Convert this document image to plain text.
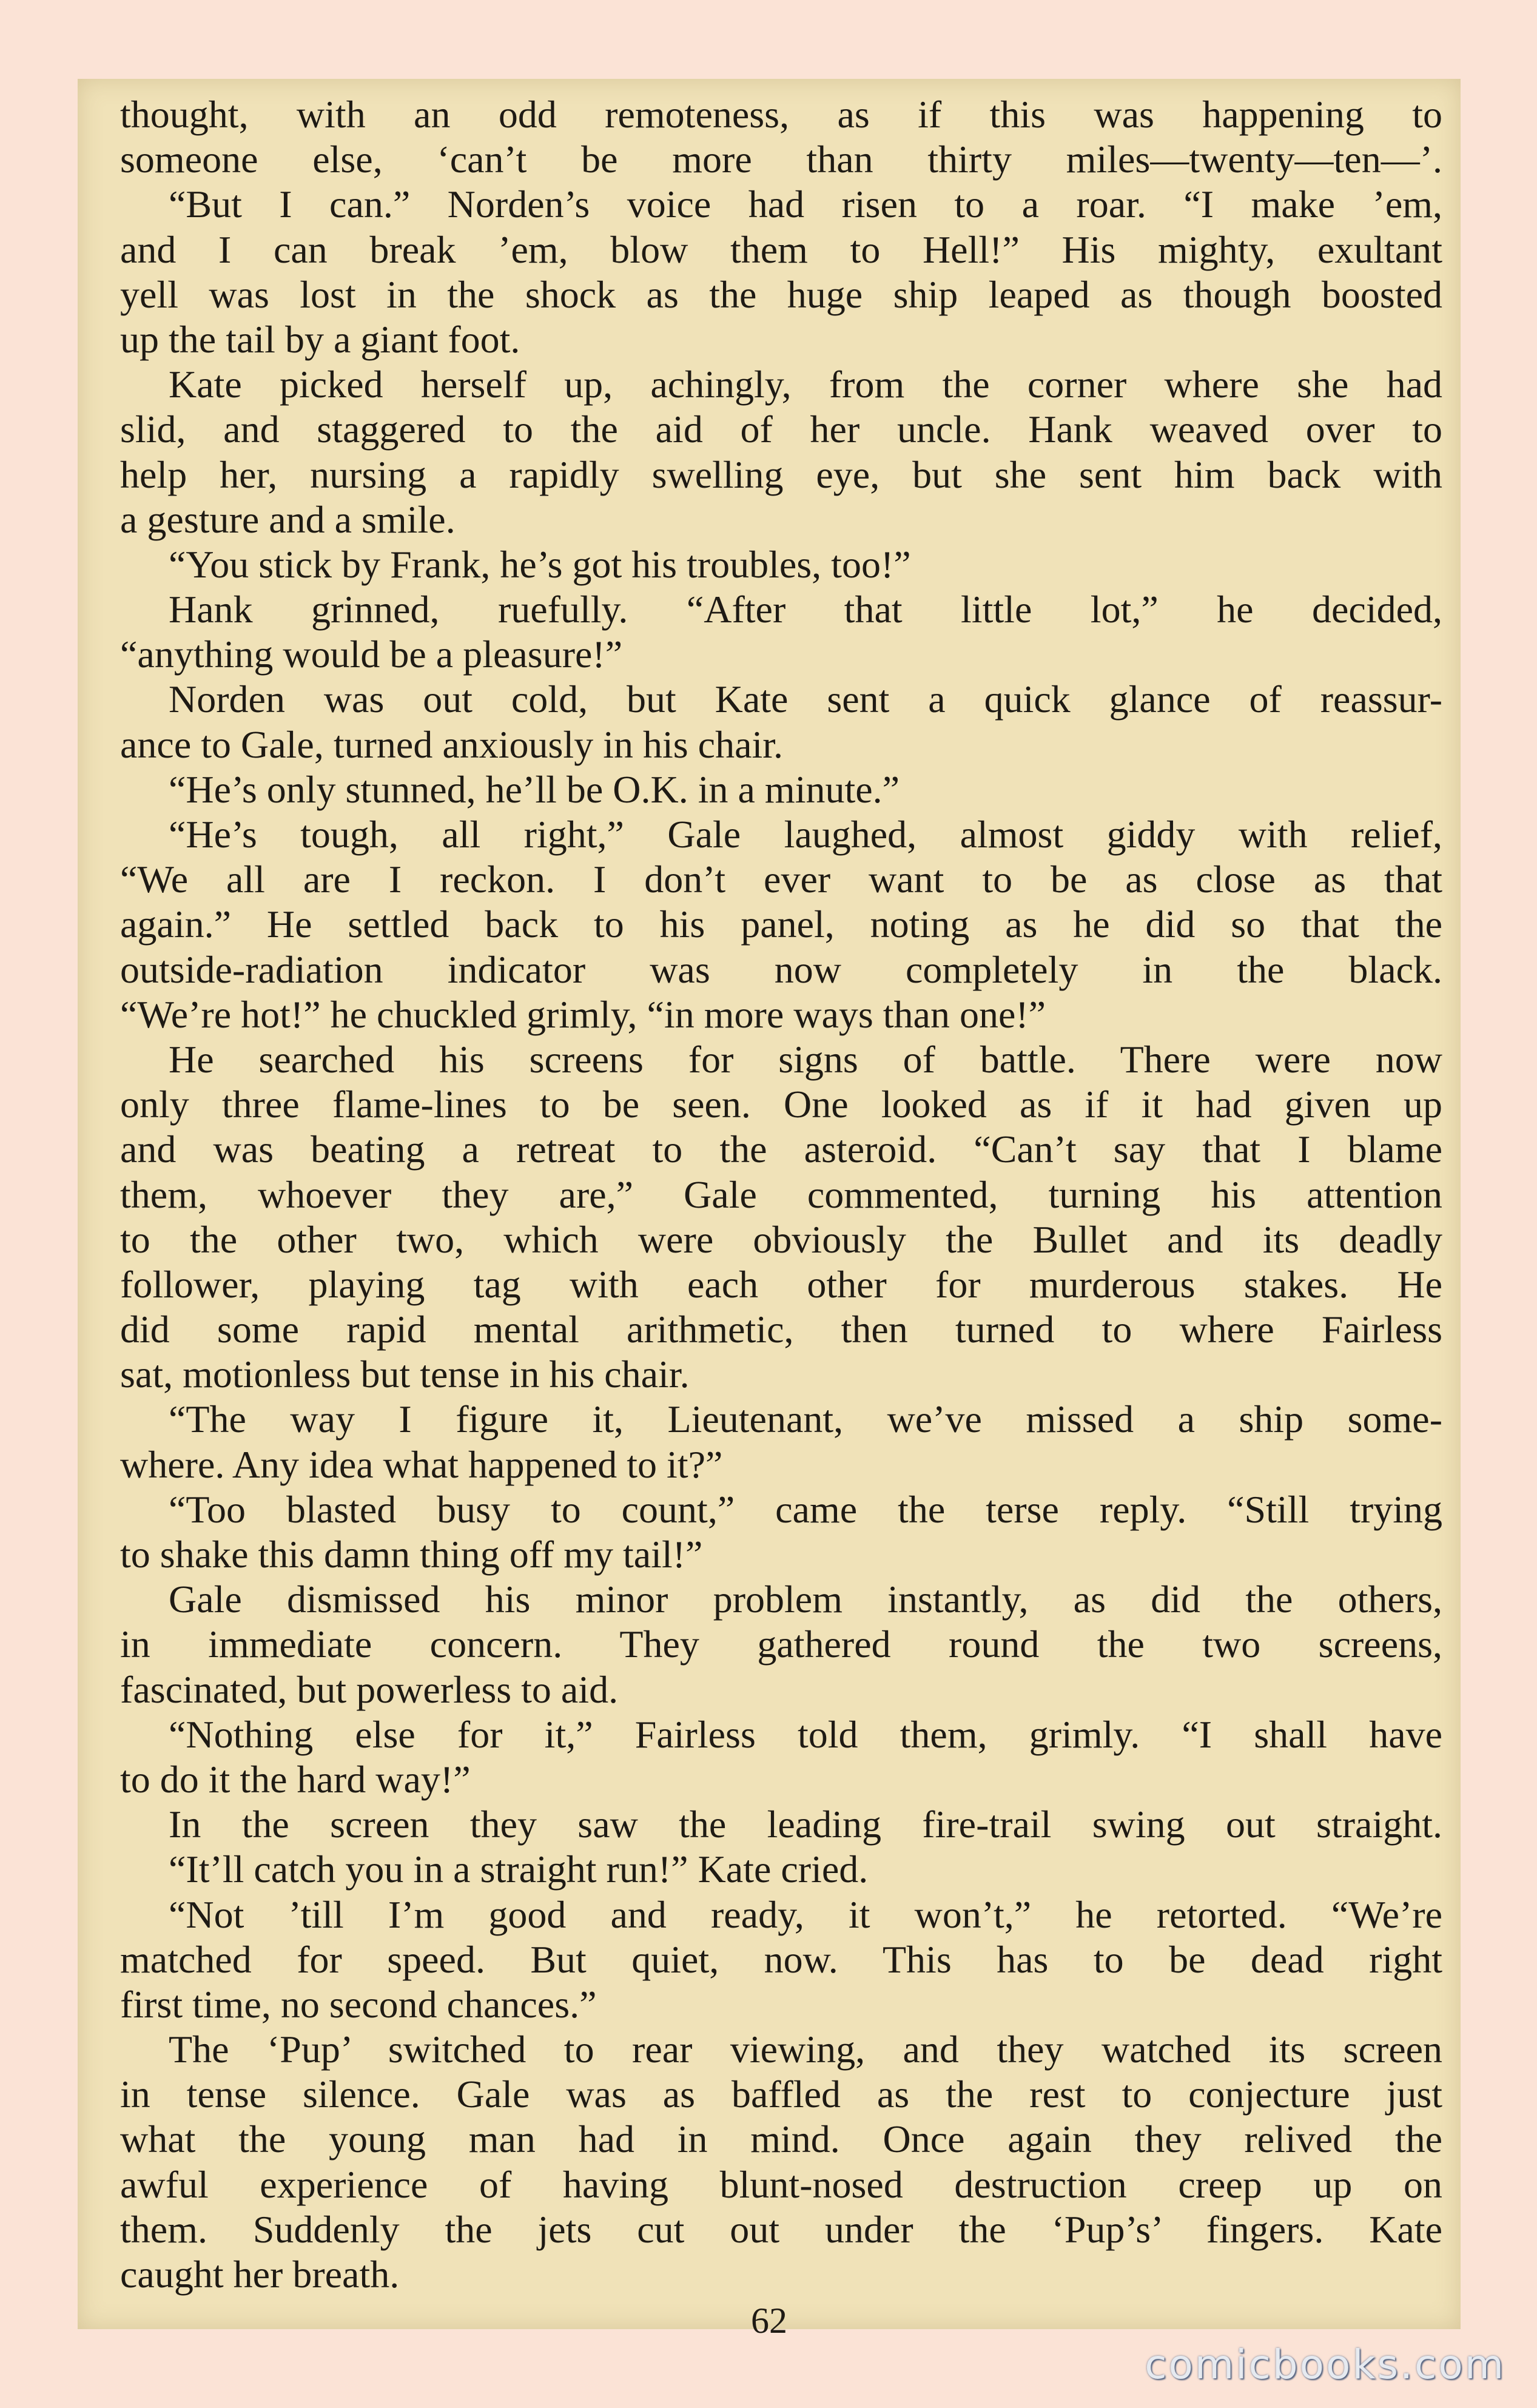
thought, with an odd remoteness, as if this was happening to
someone else, ‘can’t be more than thirty miles—twenty—ten—’.
“But I can.” Norden’s voice had risen to a roar. “I make ’em,
and I can break ’em, blow them to Hell!” His mighty, exultant
yell was lost in the shock as the huge ship leaped as though boosted
up the tail by a giant foot.
Kate picked herself up, achingly, from the corner where she had
slid, and staggered to the aid of her uncle. Hank weaved over to
help her, nursing a rapidly swelling eye, but she sent him back with
a gesture and a smile.
“You stick by Frank, he’s got his troubles, too!”
Hank grinned, ruefully. “After that little lot,” he decided,
“anything would be a pleasure!”
Norden was out cold, but Kate sent a quick glance of reassur-
ance to Gale, turned anxiously in his chair.
“He’s only stunned, he’ll be O.K. in a minute.”
“He’s tough, all right,” Gale laughed, almost giddy with relief,
“We all are I reckon. I don’t ever want to be as close as that
again.” He settled back to his panel, noting as he did so that the
outside-radiation indicator was now completely in the black.
“We’re hot!” he chuckled grimly, “in more ways than one!”
He searched his screens for signs of battle. There were now
only three flame-lines to be seen. One looked as if it had given up
and was beating a retreat to the asteroid. “Can’t say that I blame
them, whoever they are,” Gale commented, turning his attention
to the other two, which were obviously the Bullet and its deadly
follower, playing tag with each other for murderous stakes. He
did some rapid mental arithmetic, then turned to where Fairless
sat, motionless but tense in his chair.
“The way I figure it, Lieutenant, we’ve missed a ship some-
where. Any idea what happened to it?”
“Too blasted busy to count,” came the terse reply. “Still trying
to shake this damn thing off my tail!”
Gale dismissed his minor problem instantly, as did the others,
in immediate concern. They gathered round the two screens,
fascinated, but powerless to aid.
“Nothing else for it,” Fairless told them, grimly. “I shall have
to do it the hard way!”
In the screen they saw the leading fire-trail swing out straight.
“It’ll catch you in a straight run!” Kate cried.
“Not ’till I’m good and ready, it won’t,” he retorted. “We’re
matched for speed. But quiet, now. This has to be dead right
first time, no second chances.”
The ‘Pup’ switched to rear viewing, and they watched its screen
in tense silence. Gale was as baffled as the rest to conjecture just
what the young man had in mind. Once again they relived the
awful experience of having blunt-nosed destruction creep up on
them. Suddenly the jets cut out under the ‘Pup’s’ fingers. Kate
caught her breath.
62
comicbooks.com
